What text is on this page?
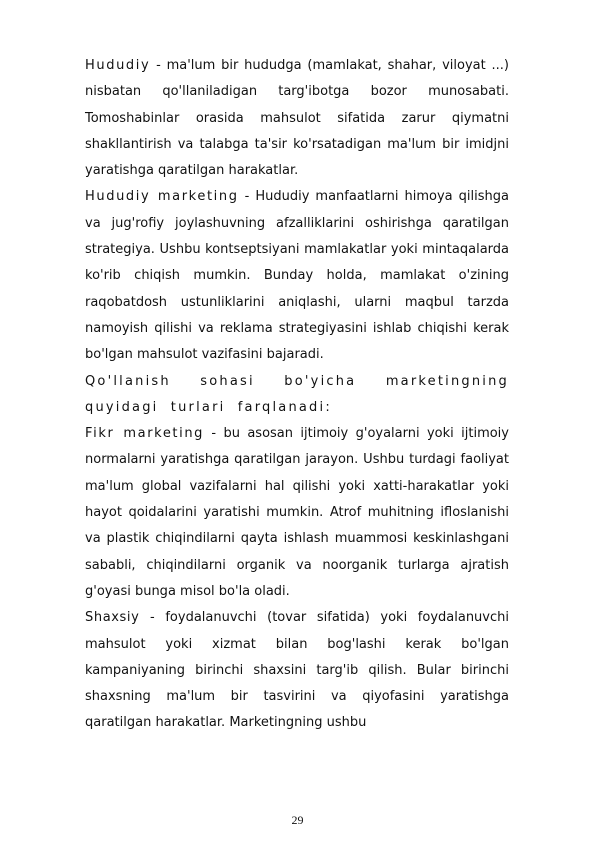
Hududiy - ma'lum bir hududga (mamlakat, shahar, viloyat ...) nisbatan qo'llaniladigan targ'ibotga bozor munosabati. Tomoshabinlar orasida mahsulot sifatida zarur qiymatni shakllantirish va talabga ta'sir ko'rsatadigan ma'lum bir imidjni yaratishga qaratilgan harakatlar.

Hududiy marketing - Hududiy manfaatlarni himoya qilishga va jug'rofiy joylashuvning afzalliklarini oshirishga qaratilgan strategiya. Ushbu kontseptsiyani mamlakatlar yoki mintaqalarda ko'rib chiqish mumkin. Bunday holda, mamlakat o'zining raqobatdosh ustunliklarini aniqlashi, ularni maqbul tarzda namoyish qilishi va reklama strategiyasini ishlab chiqishi kerak bo'lgan mahsulot vazifasini bajaradi.

Qo'llanish sohasi bo'yicha marketingning quyidagi turlari farqlanadi:

Fikr marketing - bu asosan ijtimoiy g'oyalarni yoki ijtimoiy normalarni yaratishga qaratilgan jarayon. Ushbu turdagi faoliyat ma'lum global vazifalarni hal qilishi yoki xatti-harakatlar yoki hayot qoidalarini yaratishi mumkin. Atrof muhitning ifloslanishi va plastik chiqindilarni qayta ishlash muammosi keskinlashgani sababli, chiqindilarni organik va noorganik turlarga ajratish g'oyasi bunga misol bo'la oladi.

Shaxsiy - foydalanuvchi (tovar sifatida) yoki foydalanuvchi mahsulot yoki xizmat bilan bog'lashi kerak bo'lgan kampaniyaning birinchi shaxsini targ'ib qilish. Bular birinchi shaxsning ma'lum bir tasvirini va qiyofasini yaratishga qaratilgan harakatlar. Marketingning ushbu

29
